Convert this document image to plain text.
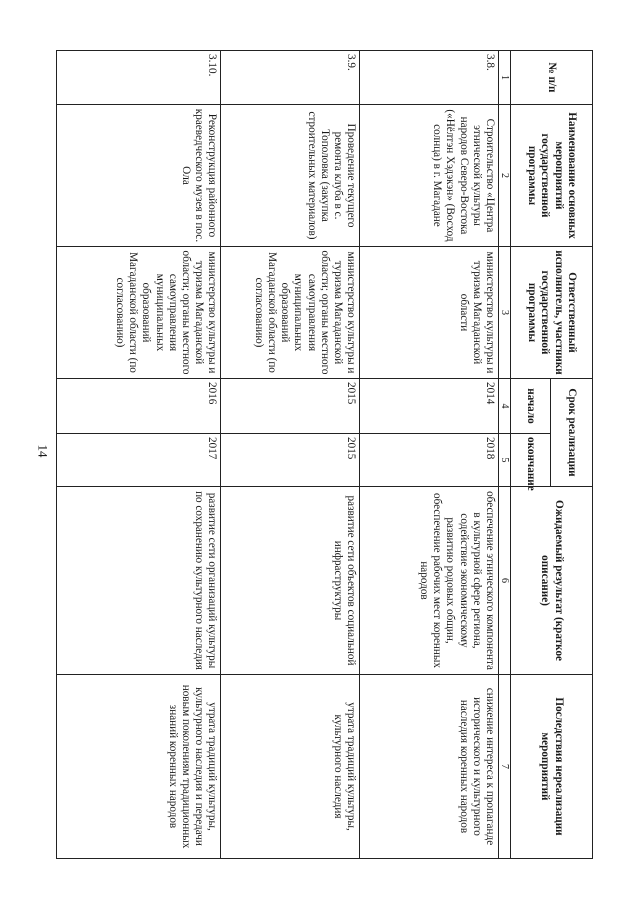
14
№ п/п	Наименование основных мероприятий государственной программы	Ответственный исполнитель, участники государственной программы	Срок реализации		Ожидаемый результат (краткое описание)	Последствия нереализации мероприятий
			начало	окончание		
1	2	3	4	5	6	7
3.8.	Строительство «Центра этнической культуры народов Северо-Востока («Нёлтэн Хэдэкэн» (Восход солнца) в г. Магадане	министерство культуры и туризма Магаданской области	2014	2018	обеспечение этнического компонента в культурной сфере региона, содействие экономическому развитию родовых общин, обеспечение рабочих мест коренных народов	снижение интереса к пропаганде исторического и культурного наследия коренных народов
3.9.	Проведение текущего ремонта клуба в с. Тополовка (закупка строительных материалов)	министерство культуры и туризма Магаданской области; органы местного самоуправления муниципальных образований Магаданской области (по согласованию)	2015	2015	развитие сети объектов социальной инфраструктуры	утрата традиций культуры, культурного наследия
3.10.	Реконструкция районного краеведческого музея в пос. Ола	министерство культуры и туризма Магаданской области; органы местного самоуправления муниципальных образований Магаданской области (по согласованию)	2016	2017	развитие сети организаций культуры по сохранению культурного наследия	утрата традиций культуры, культурного наследия и передачи новым поколениям традиционных знаний коренных народов
